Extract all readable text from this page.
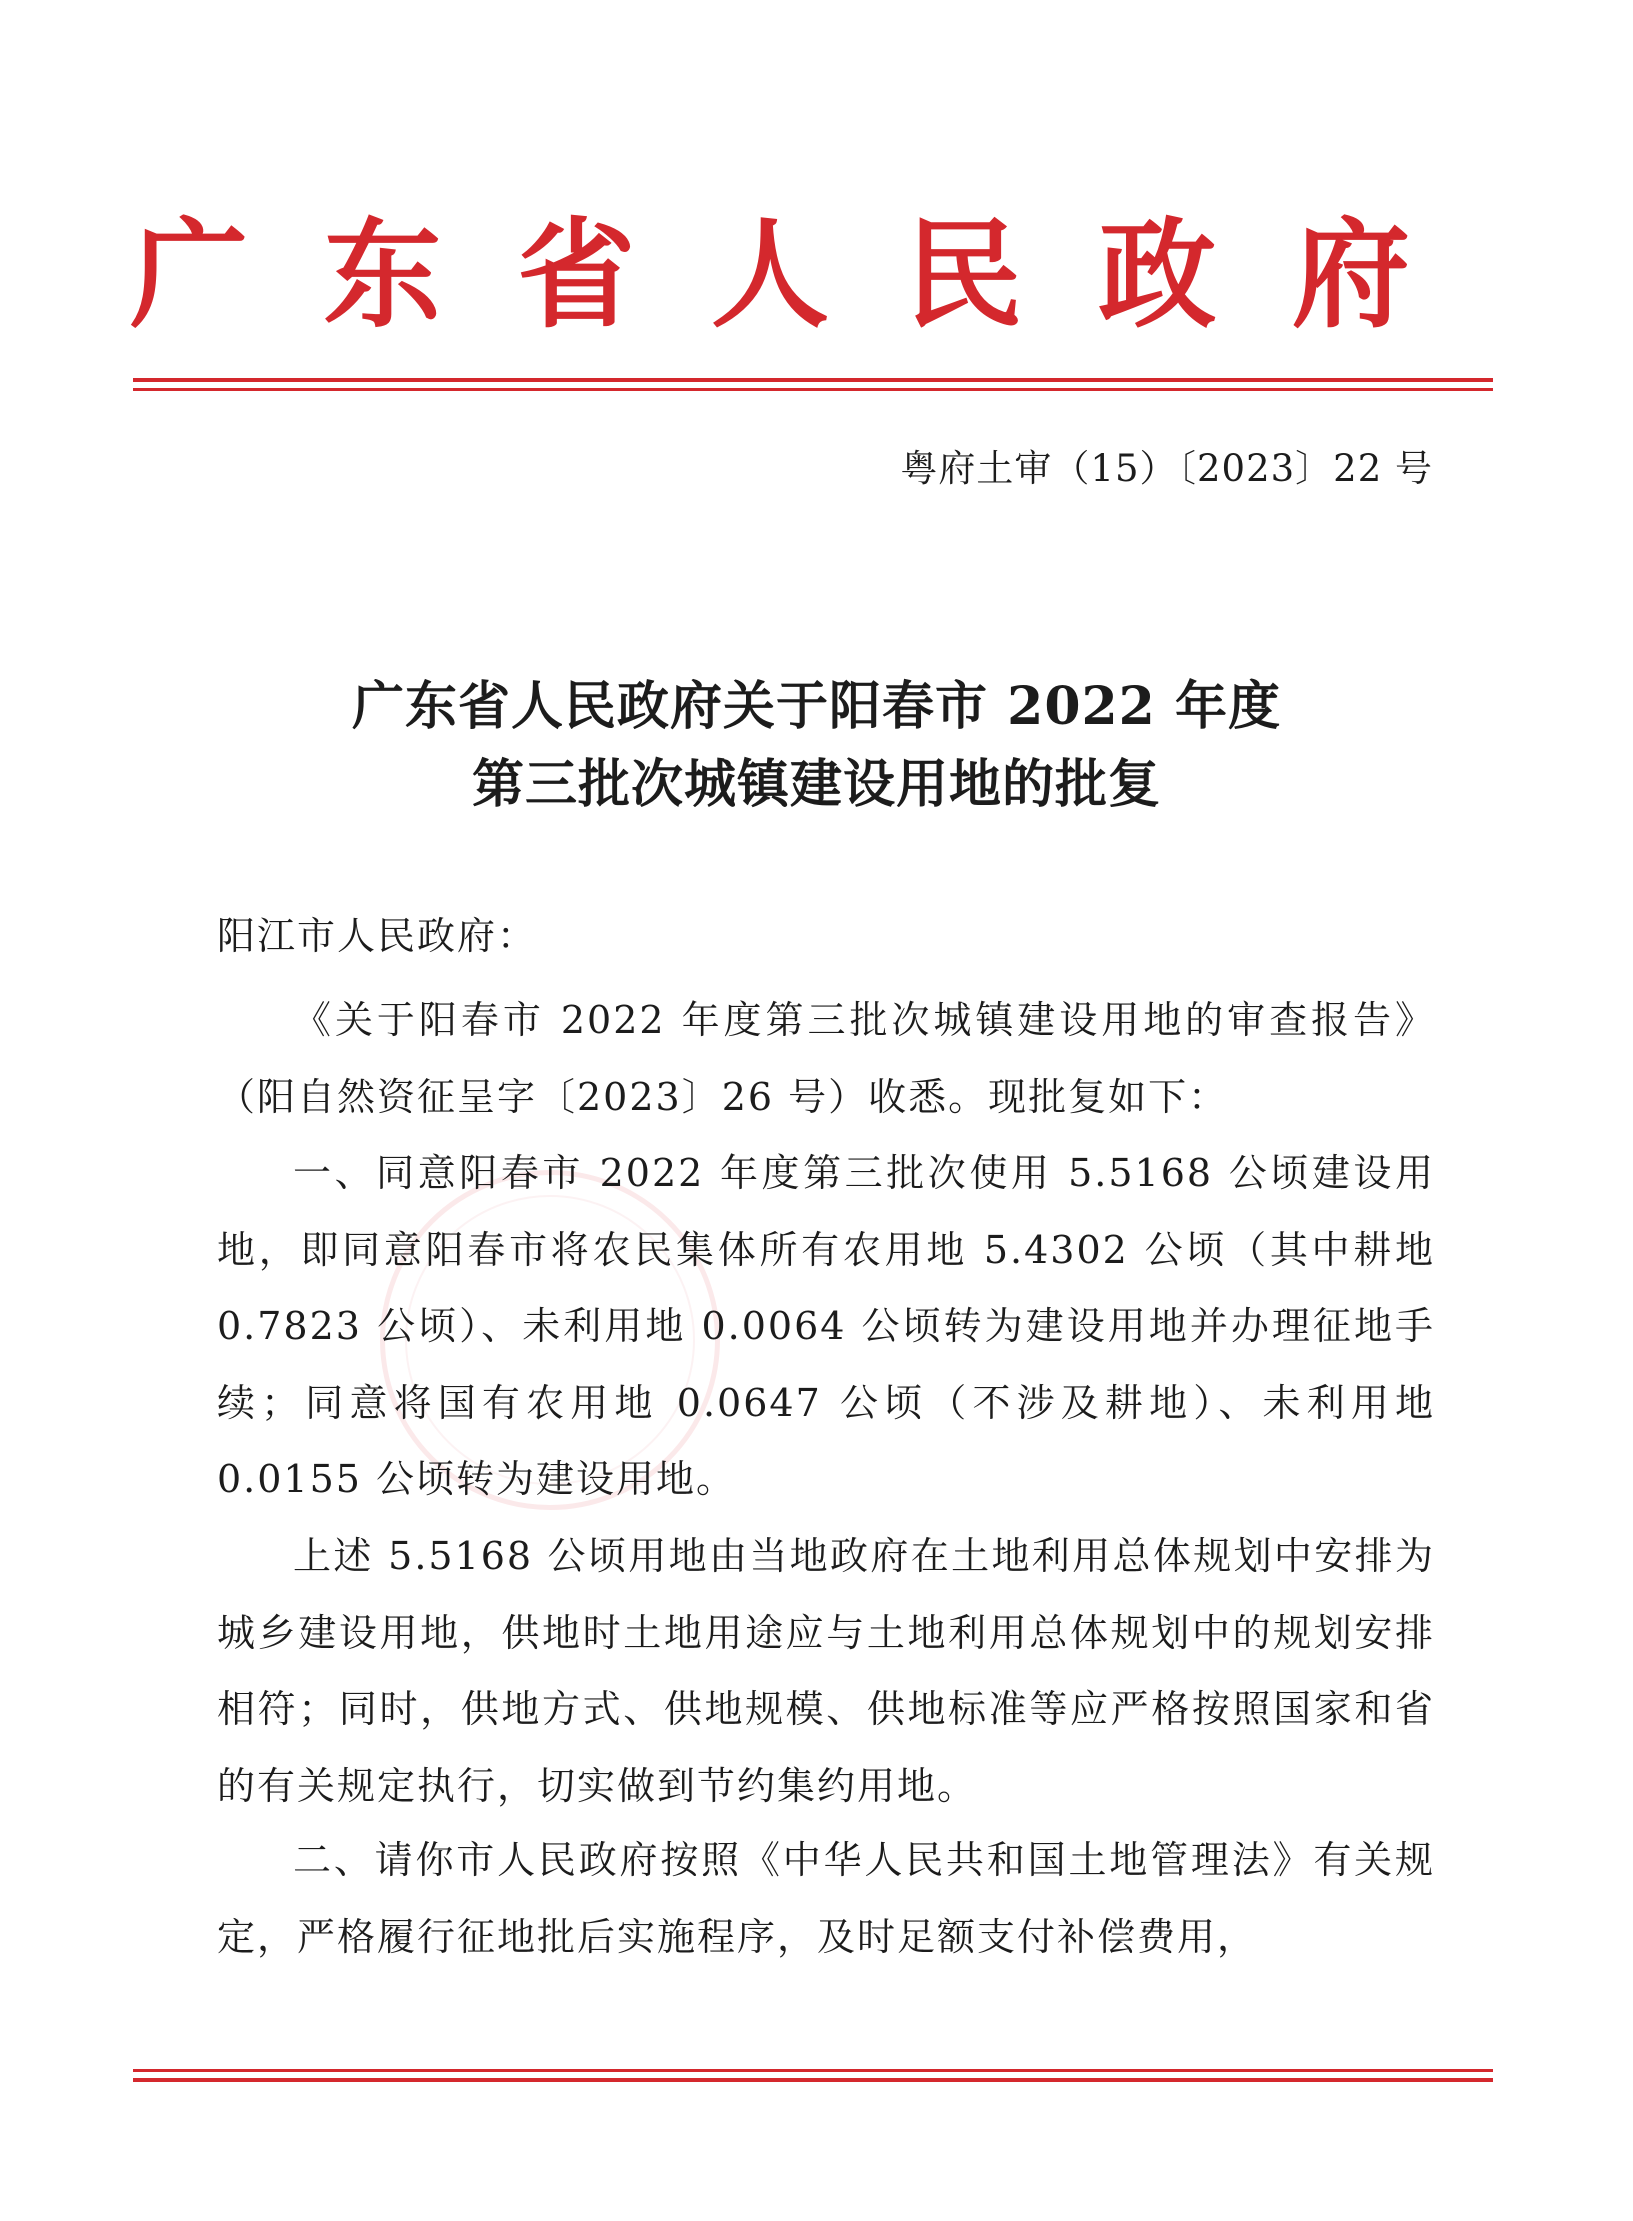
广 东 省 人 民 政 府
粤府土审（15）〔2023〕22 号
广东省人民政府关于阳春市 2022 年度
第三批次城镇建设用地的批复
阳江市人民政府：

《关于阳春市 2022 年度第三批次城镇建设用地的审查报告》（阳自然资征呈字〔2023〕26 号）收悉。现批复如下：

一、同意阳春市 2022 年度第三批次使用 5.5168 公顷建设用地，即同意阳春市将农民集体所有农用地 5.4302 公顷（其中耕地 0.7823 公顷）、未利用地 0.0064 公顷转为建设用地并办理征地手续；同意将国有农用地 0.0647 公顷（不涉及耕地）、未利用地 0.0155 公顷转为建设用地。

上述 5.5168 公顷用地由当地政府在土地利用总体规划中安排为城乡建设用地，供地时土地用途应与土地利用总体规划中的规划安排相符；同时，供地方式、供地规模、供地标准等应严格按照国家和省的有关规定执行，切实做到节约集约用地。

二、请你市人民政府按照《中华人民共和国土地管理法》有关规定，严格履行征地批后实施程序，及时足额支付补偿费用，
